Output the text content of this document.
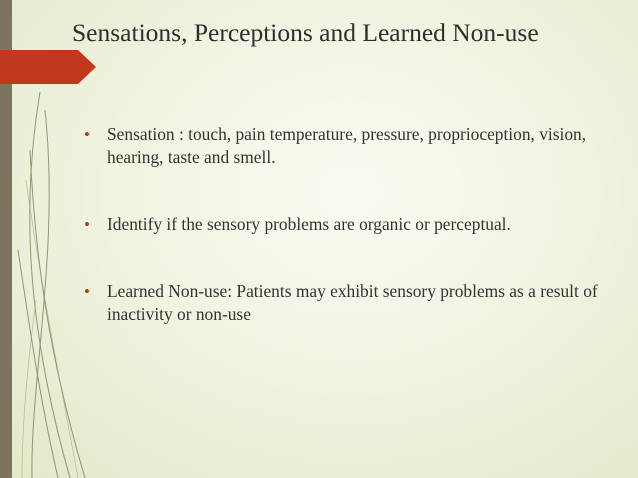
Sensations, Perceptions and Learned Non-use
• Sensation : touch, pain temperature, pressure, proprioception, vision, hearing, taste and smell.
• Identify if the sensory problems are organic or perceptual.
• Learned Non-use: Patients may exhibit sensory problems as a result of inactivity or non-use
